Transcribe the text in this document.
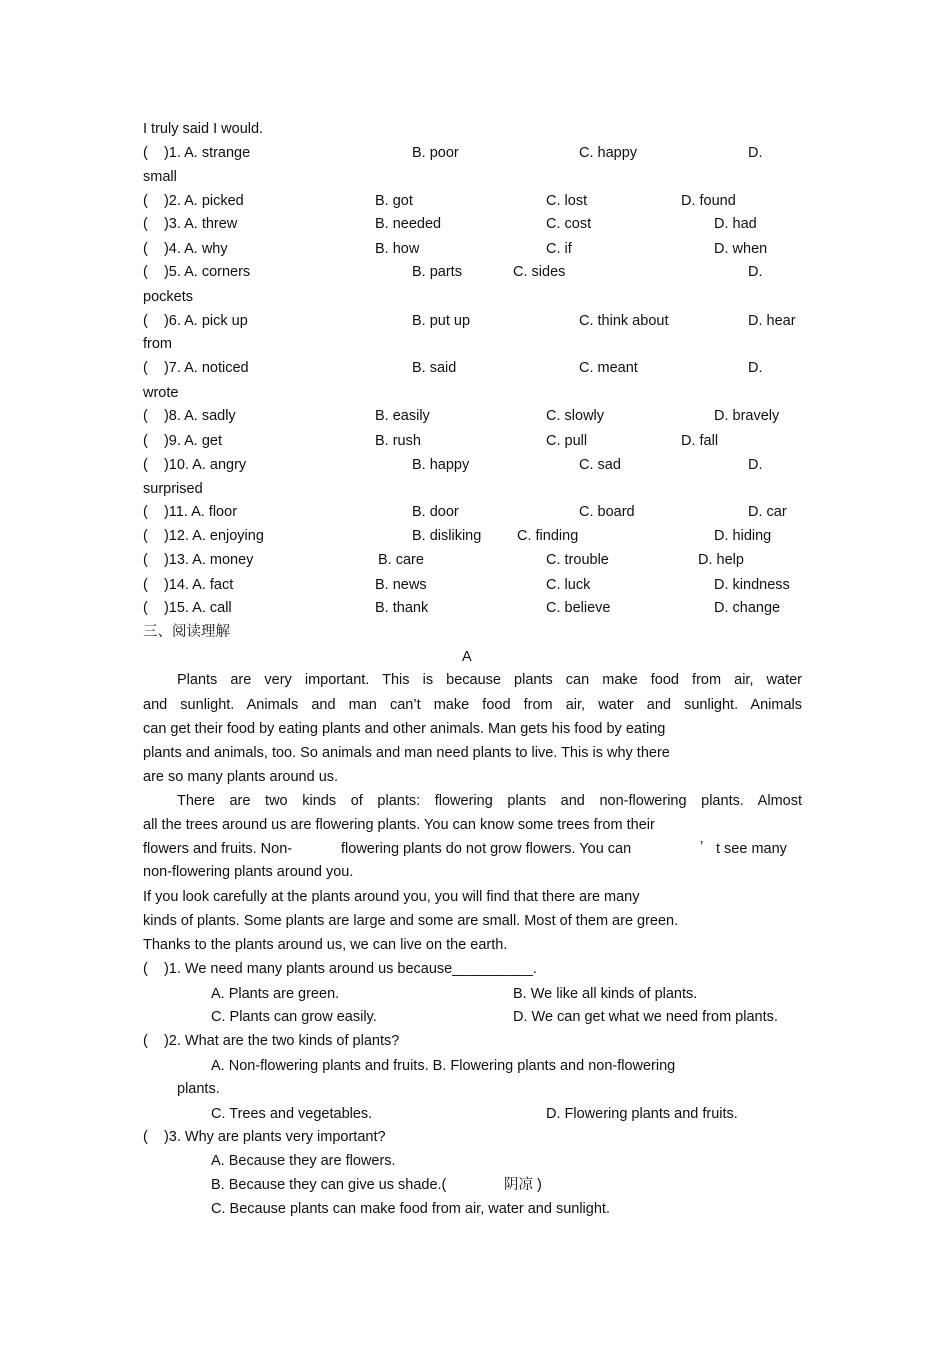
I truly said I would.
(    )1. A. strange	B. poor	C. happy	D.
small
(    )2. A. picked	B. got	C. lost	D. found
(    )3. A. threw	B. needed	C. cost	D. had
(    )4. A. why	B. how	C. if	D. when
(    )5. A. corners	B. parts	C. sides	D.
pockets
(    )6. A. pick up	B. put up	C. think about	D. hear
from
(    )7. A. noticed	B. said	C. meant	D.
wrote
(    )8. A. sadly	B. easily	C. slowly	D. bravely
(    )9. A. get	B. rush	C. pull	D. fall
(    )10. A. angry	B. happy	C. sad	D.
surprised
(    )11. A. floor	B. door	C. board	D. car
(    )12. A. enjoying	B. disliking C. finding	D. hiding
(    )13. A. money	B. care	C. trouble	D. help
(    )14. A. fact	B. news	C. luck	D. kindness
(    )15. A. call	B. thank	C. believe	D. change
三、阅读理解
A
Plants are very important. This is because plants can make food from air, water
and sunlight. Animals and man can’t make food from air, water and sunlight. Animals
can get their food by eating plants and other animals. Man gets his food by eating
plants and animals, too. So animals and man need plants to live. This is why there
are so many plants around us.
There are two kinds of plants: flowering plants and non-flowering plants. Almost
all the trees around us are flowering plants. You can know some trees from their
flowers and fruits. Non-	flowering plants do not grow flowers. You can	’ t see many
non-flowering plants around you.
If you look carefully at the plants around you, you will find that there are many
kinds of plants. Some plants are large and some are small. Most of them are green.
Thanks to the plants around us, we can live on the earth.
(    )1. We need many plants around us because__________.
A. Plants are green.	B. We like all kinds of plants.
C. Plants can grow easily.	D. We can get what we need from plants.
(    )2. What are the two kinds of plants?
A. Non-flowering plants and fruits. B. Flowering plants and non-flowering
plants.
C. Trees and vegetables.	D. Flowering plants and fruits.
(    )3. Why are plants very important?
A. Because they are flowers.
B. Because they can give us shade.(	阴凉 )
C. Because plants can make food from air, water and sunlight.
